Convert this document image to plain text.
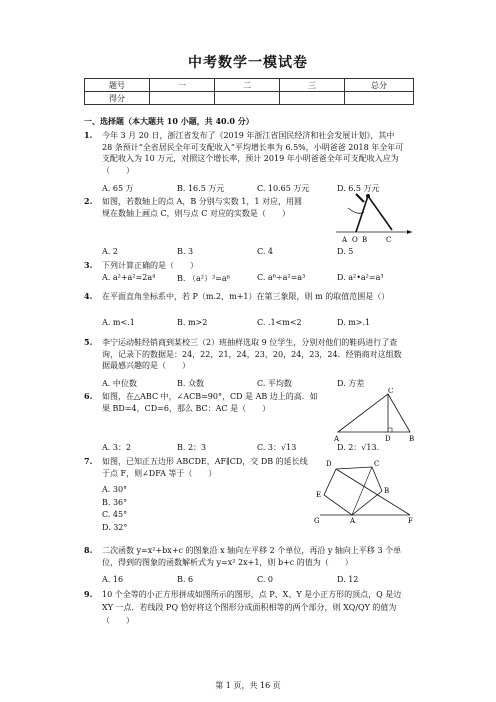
中考数学一模试卷
题号	一	二	三	总分
得分				
一、选择题（本大题共 10 小题，共 40.0 分）
1.	今年 3 月 20 日，浙江省发布了《2019 年浙江省国民经济和社会发展计划》，其中 28 条预计“全省居民全年可支配收入“平均增长率为 6.5%，小明爸爸 2018 年全年可支配收入为 10 万元，对照这个增长率，预计 2019 年小明爸爸全年可支配收入应为（　　）
A. 65 万	B. 16.5 万元	C. 10.65 万元	D. 6.5 万元
2.	如图，若数轴上的点 A，B 分别与实数 1，1 对应，用圆规在数轴上画点 C，则与点 C 对应的实数是（　　）
A O B	C
A. 2	B. 3	C. 4	D. 5
3.	下列计算正确的是（　　）
A. a²+a²=2a⁴	B. （a²）³=a⁶	C. a⁶÷a²=a³	D. a²•a²=a³
4.	在平面直角坐标系中，若 P（m.2，m+1）在第三象限，则 m 的取值范围是（）
A. m<.1	B. m>2	C. .1<m<2	D. m>.1
5.	李宁运动鞋经销商到某校三（2）班抽样选取 9 位学生，分别对他们的鞋码进行了查询，记录下的数据是：24，22，21，24，23，20，24，23，24．经销商对这组数据最感兴趣的是（　　）
A. 中位数	B. 众数	C. 平均数	D. 方差
6.	如图，在△ABC 中，∠ACB=90°，CD 是 AB 边上的高．如果 BD=4，CD=6，那么 BC：AC 是（　　）
C
A	D	B
A. 3：2	B. 2：3	C. 3：√13	D. 2：√13.
7.	如图，已知正五边形 ABCDE，AF∥CD，交 DB 的延长线于点 F，则∠DFA 等于（　　）
A. 30°
B. 36°
C. 45°
D. 32°
D	C
E	B
G	A	F
8.	二次函数 y=x²+bx+c 的图象沿 x 轴向左平移 2 个单位，再沿 y 轴向上平移 3 个单位，得到的图象的函数解析式为 y=x² 2x+1，则 b+c 的值为（　　）
A. 16	B. 6	C. 0	D. 12
9.	10 个全等的小正方形拼成如图所示的图形，点 P、X、Y 是小正方形的顶点，Q 是边 XY 一点．若线段 PQ 恰好将这个图形分成面积相等的两个部分，则 XQ/QY 的值为（　　）
第 1 页，共 16 页
